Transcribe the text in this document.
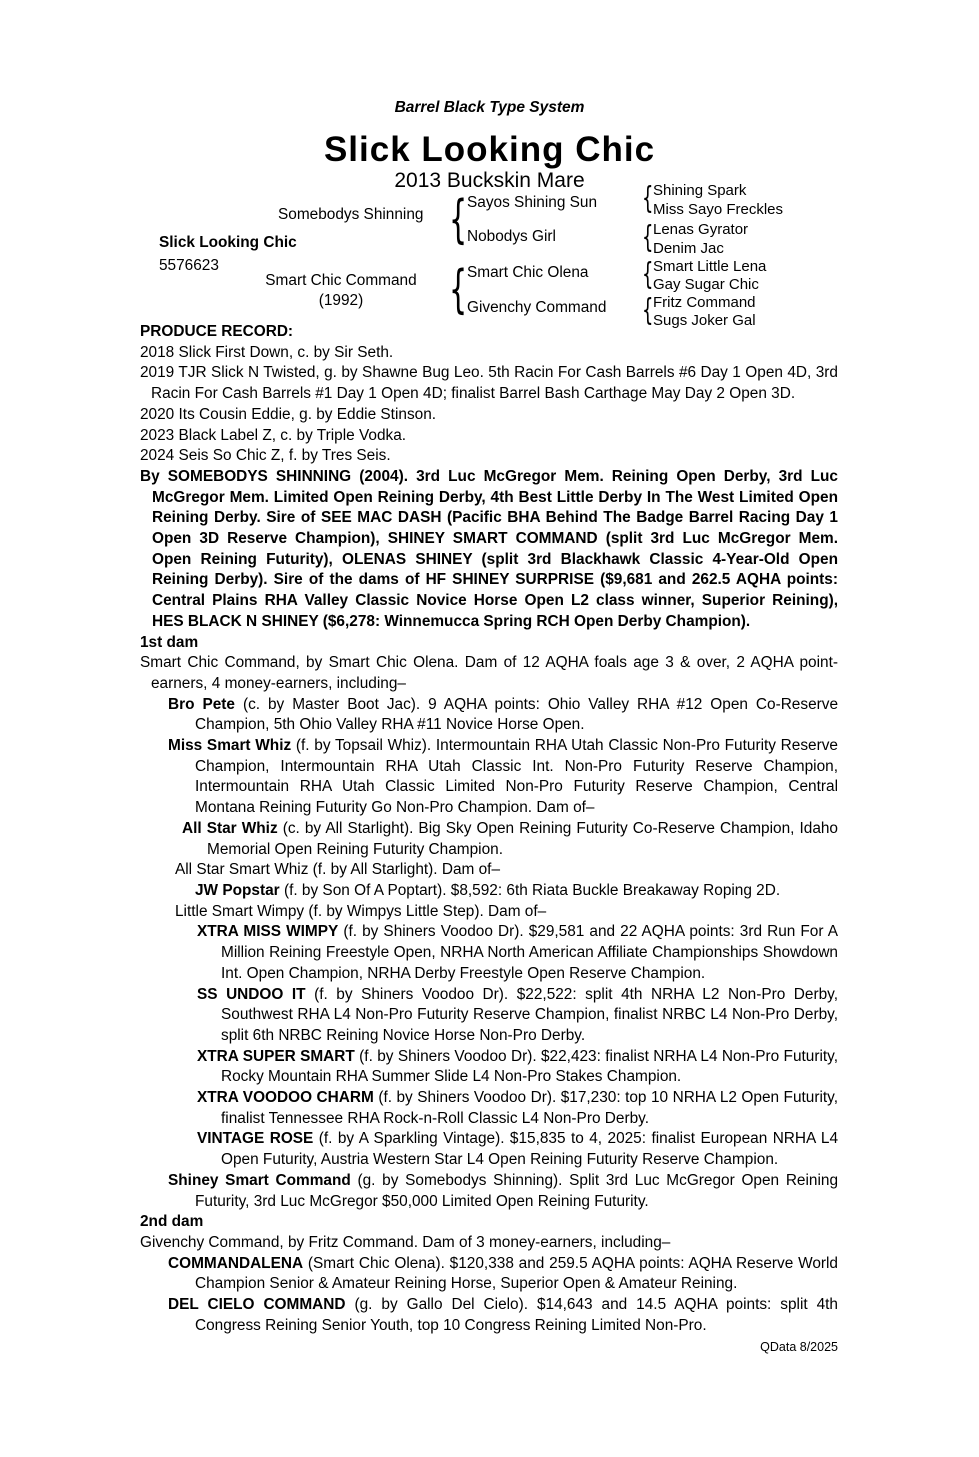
Barrel Black Type System
Slick Looking Chic
2013 Buckskin Mare
Slick Looking Chic
5576623
Somebodys Shinning
Smart Chic Command
(1992)
Sayos Shining Sun
Nobodys Girl
Smart Chic Olena
Givenchy Command
Shining Spark
Miss Sayo Freckles
Lenas Gyrator
Denim Jac
Smart Little Lena
Gay Sugar Chic
Fritz Command
Sugs Joker Gal
{
{
{
{
{
{

PRODUCE RECORD:

2018 Slick First Down, c. by Sir Seth.

2019 TJR Slick N Twisted, g. by Shawne Bug Leo. 5th Racin For Cash Barrels #6 Day 1 Open 4D, 3rd Racin For Cash Barrels #1 Day 1 Open 4D; finalist Barrel Bash Carthage May Day 2 Open 3D.

2020 Its Cousin Eddie, g. by Eddie Stinson.

2023 Black Label Z, c. by Triple Vodka.

2024 Seis So Chic Z, f. by Tres Seis.

By SOMEBODYS SHINNING (2004). 3rd Luc McGregor Mem. Reining Open Derby, 3rd Luc McGregor Mem. Limited Open Reining Derby, 4th Best Little Derby In The West Limited Open Reining Derby. Sire of SEE MAC DASH (Pacific BHA Behind The Badge Barrel Racing Day 1 Open 3D Reserve Champion), SHINEY SMART COMMAND (split 3rd Luc McGregor Mem. Open Reining Futurity), OLENAS SHINEY (split 3rd Blackhawk Classic 4-Year-Old Open Reining Derby). Sire of the dams of HF SHINEY SURPRISE ($9,681 and 262.5 AQHA points: Central Plains RHA Valley Classic Novice Horse Open L2 class winner, Superior Reining), HES BLACK N SHINEY ($6,278: Winnemucca Spring RCH Open Derby Champion).

1st dam

Smart Chic Command, by Smart Chic Olena. Dam of 12 AQHA foals age 3 & over, 2 AQHA point-earners, 4 money-earners, including–

Bro Pete (c. by Master Boot Jac). 9 AQHA points: Ohio Valley RHA #12 Open Co-Reserve Champion, 5th Ohio Valley RHA #11 Novice Horse Open.

Miss Smart Whiz (f. by Topsail Whiz). Intermountain RHA Utah Classic Non-Pro Futurity Reserve Champion, Intermountain RHA Utah Classic Int. Non-Pro Futurity Reserve Champion, Intermountain RHA Utah Classic Limited Non-Pro Futurity Reserve Champion, Central Montana Reining Futurity Go Non-Pro Champion. Dam of–

All Star Whiz (c. by All Starlight). Big Sky Open Reining Futurity Co-Reserve Champion, Idaho Memorial Open Reining Futurity Champion.

All Star Smart Whiz (f. by All Starlight). Dam of–

JW Popstar (f. by Son Of A Poptart). $8,592: 6th Riata Buckle Breakaway Roping 2D.

Little Smart Wimpy (f. by Wimpys Little Step). Dam of–

XTRA MISS WIMPY (f. by Shiners Voodoo Dr). $29,581 and 22 AQHA points: 3rd Run For A Million Reining Freestyle Open, NRHA North American Affiliate Championships Showdown Int. Open Champion, NRHA Derby Freestyle Open Reserve Champion.

SS UNDOO IT (f. by Shiners Voodoo Dr). $22,522: split 4th NRHA L2 Non-Pro Derby, Southwest RHA L4 Non-Pro Futurity Reserve Champion, finalist NRBC L4 Non-Pro Derby, split 6th NRBC Reining Novice Horse Non-Pro Derby.

XTRA SUPER SMART (f. by Shiners Voodoo Dr). $22,423: finalist NRHA L4 Non-Pro Futurity, Rocky Mountain RHA Summer Slide L4 Non-Pro Stakes Champion.

XTRA VOODOO CHARM (f. by Shiners Voodoo Dr). $17,230: top 10 NRHA L2 Open Futurity, finalist Tennessee RHA Rock-n-Roll Classic L4 Non-Pro Derby.

VINTAGE ROSE (f. by A Sparkling Vintage). $15,835 to 4, 2025: finalist European NRHA L4 Open Futurity, Austria Western Star L4 Open Reining Futurity Reserve Champion.

Shiney Smart Command (g. by Somebodys Shinning). Split 3rd Luc McGregor Open Reining Futurity, 3rd Luc McGregor $50,000 Limited Open Reining Futurity.

2nd dam

Givenchy Command, by Fritz Command. Dam of 3 money-earners, including–

COMMANDALENA (Smart Chic Olena). $120,338 and 259.5 AQHA points: AQHA Reserve World Champion Senior & Amateur Reining Horse, Superior Open & Amateur Reining.

DEL CIELO COMMAND (g. by Gallo Del Cielo). $14,643 and 14.5 AQHA points: split 4th Congress Reining Senior Youth, top 10 Congress Reining Limited Non-Pro.

QData 8/2025
